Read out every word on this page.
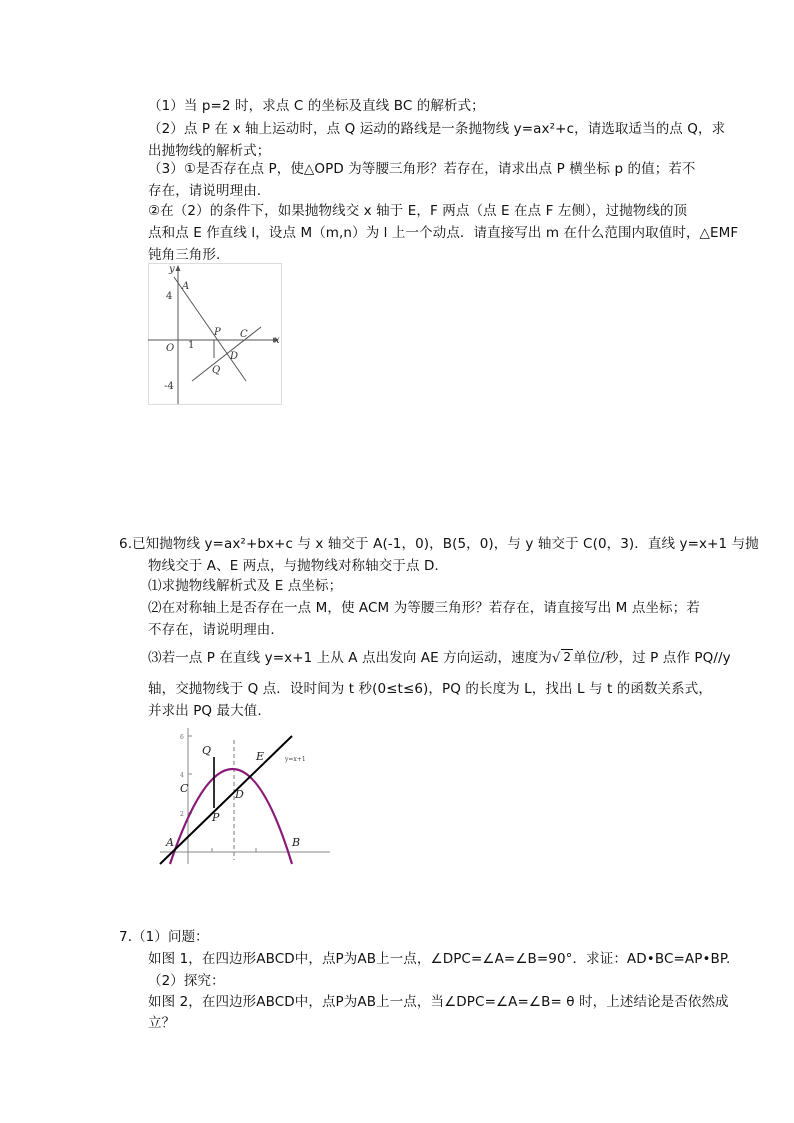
（1）当 p=2 时，求点 C 的坐标及直线 BC 的解析式；
（2）点 P 在 x 轴上运动时，点 Q 运动的路线是一条抛物线 y=ax²+c，请选取适当的点 Q，求
出抛物线的解析式；
（3）①是否存在点 P，使△OPD 为等腰三角形？若存在，请求出点 P 横坐标 p 的值；若不
存在，请说明理由.
②在（2）的条件下，如果抛物线交 x 轴于 E，F 两点（点 E 在点 F 左侧），过抛物线的顶
点和点 E 作直线 l，设点 M（m,n）为 l 上一个动点．请直接写出 m 在什么范围内取值时，△EMF
钝角三角形.
y
x
4
A
1
O
P C
D
Q
-4
6.已知抛物线 y=ax²+bx+c 与 x 轴交于 A(-1，0)，B(5，0)，与 y 轴交于 C(0，3)．直线 y=x+1 与抛
物线交于 A、E 两点，与抛物线对称轴交于点 D.
⑴求抛物线解析式及 E 点坐标；
⑵在对称轴上是否存在一点 M，使 ACM 为等腰三角形？若存在，请直接写出 M 点坐标；若
不存在，请说明理由.
⑶若一点 P 在直线 y=x+1 上从 A 点出发向 AE 方向运动，速度为√ 2 单位/秒，过 P 点作 PQ//y
轴，交抛物线于 Q 点．设时间为 t 秒(0≤t≤6)，PQ 的长度为 L，找出 L 与 t 的函数关系式，
并求出 PQ 最大值.
6
4
2
Q	E	y=x+1
C	D
P
A	B
7.（1）问题：
如图 1，在四边形ABCD中，点P为AB上一点，∠DPC=∠A=∠B=90°．求证：AD•BC=AP•BP.
（2）探究：
如图 2，在四边形ABCD中，点P为AB上一点，当∠DPC=∠A=∠B= θ 时，上述结论是否依然成
立？
